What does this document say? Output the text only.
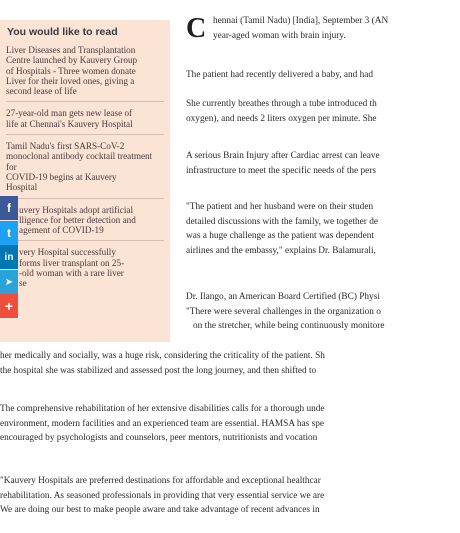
You would like to read
Liver Diseases and Transplantation
Centre launched by Kauvery Group
of Hospitals - Three women donate
Liver for their loved ones, giving a
second lease of life
27-year-old man gets new lease of
life at Chennai's Kauvery Hospital
Tamil Nadu's first SARS-CoV-2
monoclonal antibody cocktail treatment for
COVID-19 begins at Kauvery
Hospital
uvery Hospitals adopt artificial
lligence for better detection and
agement of COVID-19
very Hospital successfully
forms liver transplant on 25-
-old woman with a rare liver
se
f
t
in
➤
+
C hennai (Tamil Nadu) [India], September 3 (AN
year-aged woman with brain injury.
The patient had recently delivered a baby, and had
She currently breathes through a tube introduced th
oxygen), and needs 2 liters oxygen per minute. She
A serious Brain Injury after Cardiac arrest can leave
infrastructure to meet the specific needs of the pers
"The patient and her husband were on their studen
detailed discussions with the family, we together de
was a huge challenge as the patient was dependent
airlines and the embassy," explains Dr. Balamurali,
Dr. Ilango, an American Board Certified (BC) Physi
"There were several challenges in the organization o
on the stretcher, while being continuously monitore
her medically and socially, was a huge risk, considering the criticality of the patient. Sh
the hospital she was stabilized and assessed post the long journey, and then shifted to
The comprehensive rehabilitation of her extensive disabilities calls for a thorough unde
environment, modern facilities and an experienced team are essential. HAMSA has spe
encouraged by psychologists and counselors, peer mentors, nutritionists and vocation
"Kauvery Hospitals are preferred destinations for affordable and exceptional healthcar
rehabilitation. As seasoned professionals in providing that very essential service we are
We are doing our best to make people aware and take advantage of recent advances in
